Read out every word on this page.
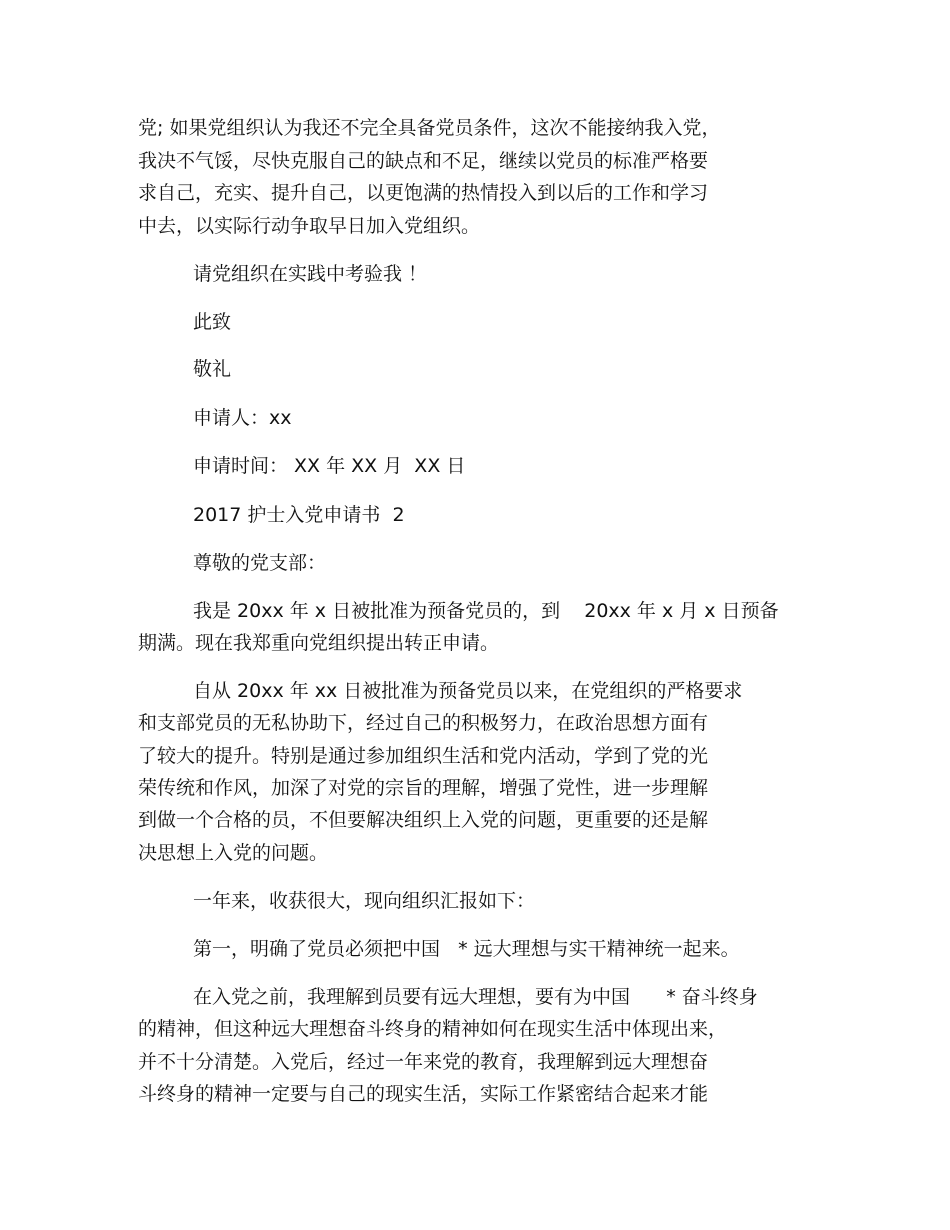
党; 如果党组织认为我还不完全具备党员条件，这次不能接纳我入党，
我决不气馁，尽快克服自己的缺点和不足，继续以党员的标准严格要
求自己，充实、提升自己，以更饱满的热情投入到以后的工作和学习
中去，以实际行动争取早日加入党组织。
请党组织在实践中考验我 ！
此致
敬礼
申请人：xx
申请时间： XX 年 XX 月  XX 日
2017 护士入党申请书  2
尊敬的党支部：
我是 20xx 年 x 日被批准为预备党员的，到    20xx 年 x 月 x 日预备
期满。现在我郑重向党组织提出转正申请。
自从 20xx 年 xx 日被批准为预备党员以来，在党组织的严格要求
和支部党员的无私协助下，经过自己的积极努力，在政治思想方面有
了较大的提升。特别是通过参加组织生活和党内活动，学到了党的光
荣传统和作风，加深了对党的宗旨的理解，增强了党性，进一步理解
到做一个合格的员，不但要解决组织上入党的问题，更重要的还是解
决思想上入党的问题。
一年来，收获很大，现向组织汇报如下：
第一，明确了党员必须把中国   * 远大理想与实干精神统一起来。
在入党之前，我理解到员要有远大理想，要有为中国      * 奋斗终身
的精神，但这种远大理想奋斗终身的精神如何在现实生活中体现出来，
并不十分清楚。入党后，经过一年来党的教育，我理解到远大理想奋
斗终身的精神一定要与自己的现实生活，实际工作紧密结合起来才能
